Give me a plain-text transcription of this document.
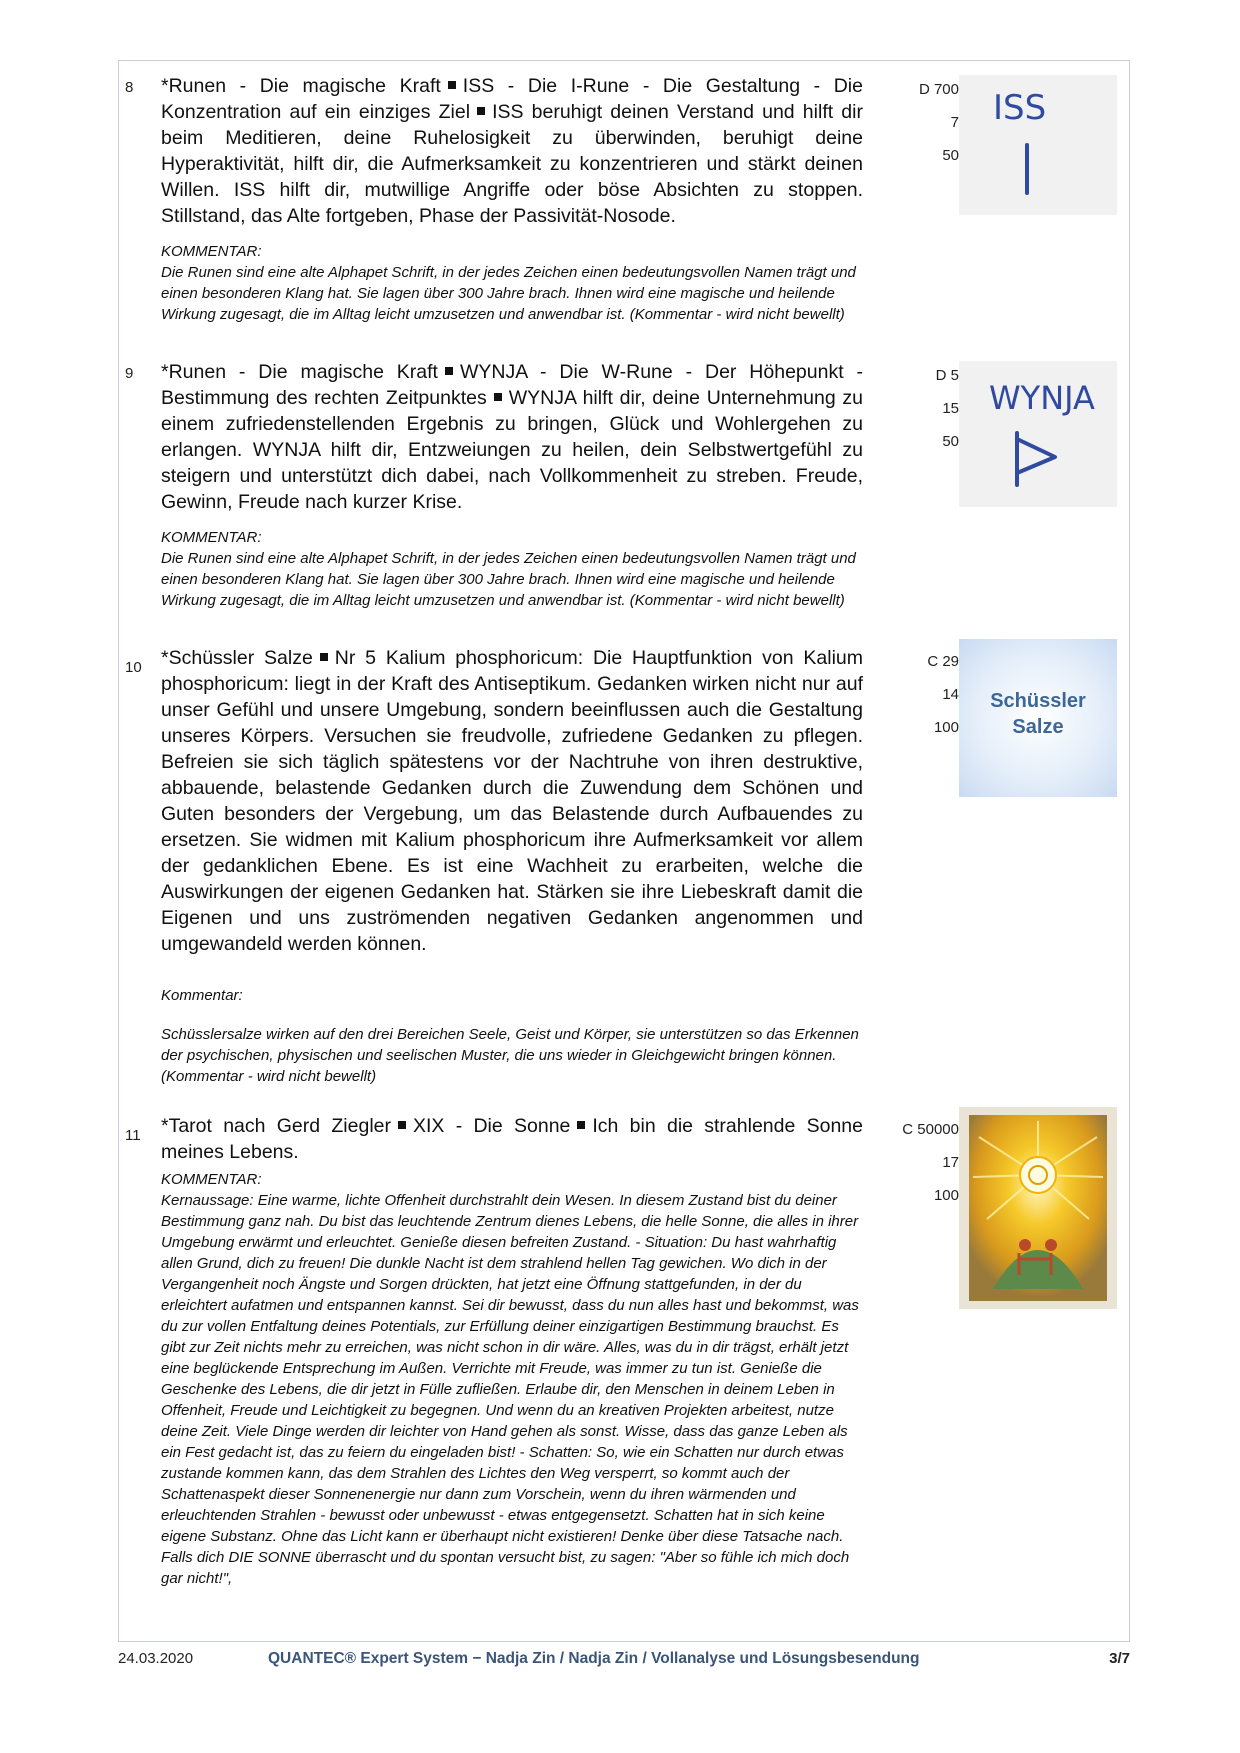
8 *Runen - Die magische Kraft ISS - Die I-Rune - Die Gestaltung - Die Konzentration auf ein einziges Ziel ISS beruhigt deinen Verstand und hilft dir beim Meditieren, deine Ruhelosigkeit zu überwinden, beruhigt deine Hyperaktivität, hilft dir, die Aufmerksamkeit zu konzentrieren und stärkt deinen Willen. ISS hilft dir, mutwillige Angriffe oder böse Absichten zu stoppen. Stillstand, das Alte fortgeben, Phase der Passivität-Nosode.
KOMMENTAR:
Die Runen sind eine alte Alphapet Schrift, in der jedes Zeichen einen bedeutungsvollen Namen trägt und einen besonderen Klang hat. Sie lagen über 300 Jahre brach. Ihnen wird eine magische und heilende Wirkung zugesagt, die im Alltag leicht umzusetzen und anwendbar ist. (Kommentar - wird nicht bewellt)
D 700
7
50
ISS
9 *Runen - Die magische Kraft WYNJA - Die W-Rune - Der Höhepunkt - Bestimmung des rechten Zeitpunktes WYNJA hilft dir, deine Unternehmung zu einem zufriedenstellenden Ergebnis zu bringen, Glück und Wohlergehen zu erlangen. WYNJA hilft dir, Entzweiungen zu heilen, dein Selbstwertgefühl zu steigern und unterstützt dich dabei, nach Vollkommenheit zu streben. Freude, Gewinn, Freude nach kurzer Krise.
KOMMENTAR:
Die Runen sind eine alte Alphapet Schrift, in der jedes Zeichen einen bedeutungsvollen Namen trägt und einen besonderen Klang hat. Sie lagen über 300 Jahre brach. Ihnen wird eine magische und heilende Wirkung zugesagt, die im Alltag leicht umzusetzen und anwendbar ist. (Kommentar - wird nicht bewellt)
D 5
15
50
WYNJA
10 *Schüssler Salze Nr 5 Kalium phosphoricum: Die Hauptfunktion von Kalium phosphoricum: liegt in der Kraft des Antiseptikum. Gedanken wirken nicht nur auf unser Gefühl und unsere Umgebung, sondern beeinflussen auch die Gestaltung unseres Körpers. Versuchen sie freudvolle, zufriedene Gedanken zu pflegen. Befreien sie sich täglich spätestens vor der Nachtruhe von ihren destruktive, abbauende, belastende Gedanken durch die Zuwendung dem Schönen und Guten besonders der Vergebung, um das Belastende durch Aufbauendes zu ersetzen. Sie widmen mit Kalium phosphoricum ihre Aufmerksamkeit vor allem der gedanklichen Ebene. Es ist eine Wachheit zu erarbeiten, welche die Auswirkungen der eigenen Gedanken hat. Stärken sie ihre Liebeskraft damit die Eigenen und uns zuströmenden negativen Gedanken angenommen und umgewandeld werden können.
Kommentar:
Schüsslersalze wirken auf den drei Bereichen Seele, Geist und Körper, sie unterstützen so das Erkennen der psychischen, physischen und seelischen Muster, die uns wieder in Gleichgewicht bringen können. (Kommentar - wird nicht bewellt)
C 29
14
100
Schüssler
Salze
11 *Tarot nach Gerd Ziegler XIX - Die Sonne Ich bin die strahlende Sonne meines Lebens.
KOMMENTAR:
Kernaussage: Eine warme, lichte Offenheit durchstrahlt dein Wesen. In diesem Zustand bist du deiner Bestimmung ganz nah. Du bist das leuchtende Zentrum dienes Lebens, die helle Sonne, die alles in ihrer Umgebung erwärmt und erleuchtet. Genieße diesen befreiten Zustand. - Situation: Du hast wahrhaftig allen Grund, dich zu freuen! Die dunkle Nacht ist dem strahlend hellen Tag gewichen. Wo dich in der Vergangenheit noch Ängste und Sorgen drückten, hat jetzt eine Öffnung stattgefunden, in der du erleichtert aufatmen und entspannen kannst. Sei dir bewusst, dass du nun alles hast und bekommst, was du zur vollen Entfaltung deines Potentials, zur Erfüllung deiner einzigartigen Bestimmung brauchst. Es gibt zur Zeit nichts mehr zu erreichen, was nicht schon in dir wäre. Alles, was du in dir trägst, erhält jetzt eine beglückende Entsprechung im Außen. Verrichte mit Freude, was immer zu tun ist. Genieße die Geschenke des Lebens, die dir jetzt in Fülle zufließen. Erlaube dir, den Menschen in deinem Leben in Offenheit, Freude und Leichtigkeit zu begegnen. Und wenn du an kreativen Projekten arbeitest, nutze deine Zeit. Viele Dinge werden dir leichter von Hand gehen als sonst. Wisse, dass das ganze Leben als ein Fest gedacht ist, das zu feiern du eingeladen bist! - Schatten: So, wie ein Schatten nur durch etwas zustande kommen kann, das dem Strahlen des Lichtes den Weg versperrt, so kommt auch der Schattenaspekt dieser Sonnenenergie nur dann zum Vorschein, wenn du ihren wärmenden und erleuchtenden Strahlen - bewusst oder unbewusst - etwas entgegensetzt. Schatten hat in sich keine eigene Substanz. Ohne das Licht kann er überhaupt nicht existieren! Denke über diese Tatsache nach. Falls dich DIE SONNE überrascht und du spontan versucht bist, zu sagen: "Aber so fühle ich mich doch gar nicht!",
C 50000
17
100
24.03.2020	QUANTEC® Expert System − Nadja Zin / Nadja Zin / Vollanalyse und Lösungsbesendung	3/7
